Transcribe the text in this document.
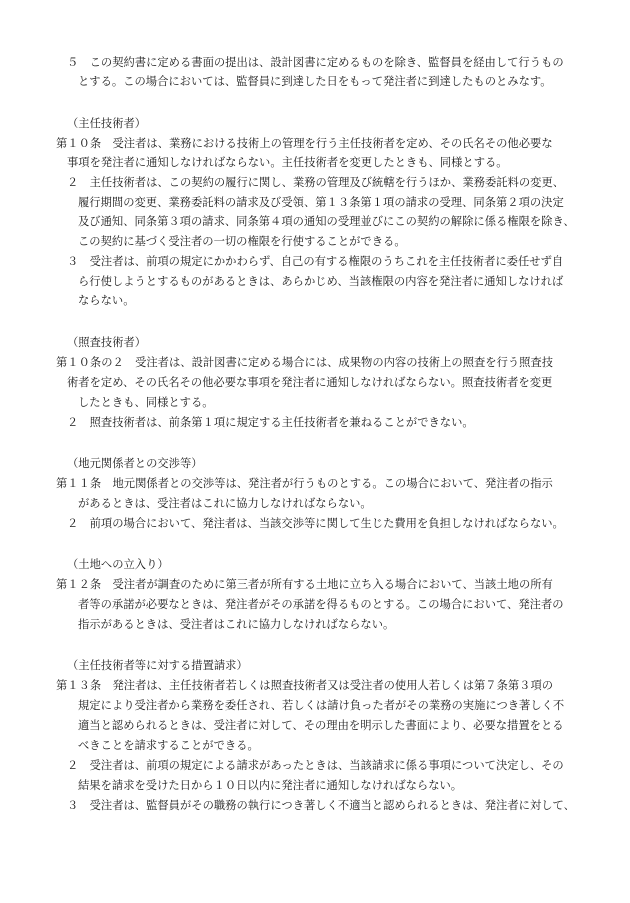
５　この契約書に定める書面の提出は、設計図書に定めるものを除き、監督員を経由して行うもの
とする。この場合においては、監督員に到達した日をもって発注者に到達したものとみなす。
（主任技術者）
第１０条　受注者は、業務における技術上の管理を行う主任技術者を定め、その氏名その他必要な
事項を発注者に通知しなければならない。主任技術者を変更したときも、同様とする。
２　主任技術者は、この契約の履行に関し、業務の管理及び統轄を行うほか、業務委託料の変更、
履行期間の変更、業務委託料の請求及び受領、第１３条第１項の請求の受理、同条第２項の決定
及び通知、同条第３項の請求、同条第４項の通知の受理並びにこの契約の解除に係る権限を除き、
この契約に基づく受注者の一切の権限を行使することができる。
３　受注者は、前項の規定にかかわらず、自己の有する権限のうちこれを主任技術者に委任せず自
ら行使しようとするものがあるときは、あらかじめ、当該権限の内容を発注者に通知しなければ
ならない。
（照査技術者）
第１０条の２　受注者は、設計図書に定める場合には、成果物の内容の技術上の照査を行う照査技
術者を定め、その氏名その他必要な事項を発注者に通知しなければならない。照査技術者を変更
したときも、同様とする。
２　照査技術者は、前条第１項に規定する主任技術者を兼ねることができない。
（地元関係者との交渉等）
第１１条　地元関係者との交渉等は、発注者が行うものとする。この場合において、発注者の指示
があるときは、受注者はこれに協力しなければならない。
２　前項の場合において、発注者は、当該交渉等に関して生じた費用を負担しなければならない。
（土地への立入り）
第１２条　受注者が調査のために第三者が所有する土地に立ち入る場合において、当該土地の所有
者等の承諾が必要なときは、発注者がその承諾を得るものとする。この場合において、発注者の
指示があるときは、受注者はこれに協力しなければならない。
（主任技術者等に対する措置請求）
第１３条　発注者は、主任技術者若しくは照査技術者又は受注者の使用人若しくは第７条第３項の
規定により受注者から業務を委任され、若しくは請け負った者がその業務の実施につき著しく不
適当と認められるときは、受注者に対して、その理由を明示した書面により、必要な措置をとる
べきことを請求することができる。
２　受注者は、前項の規定による請求があったときは、当該請求に係る事項について決定し、その
結果を請求を受けた日から１０日以内に発注者に通知しなければならない。
３　受注者は、監督員がその職務の執行につき著しく不適当と認められるときは、発注者に対して、
